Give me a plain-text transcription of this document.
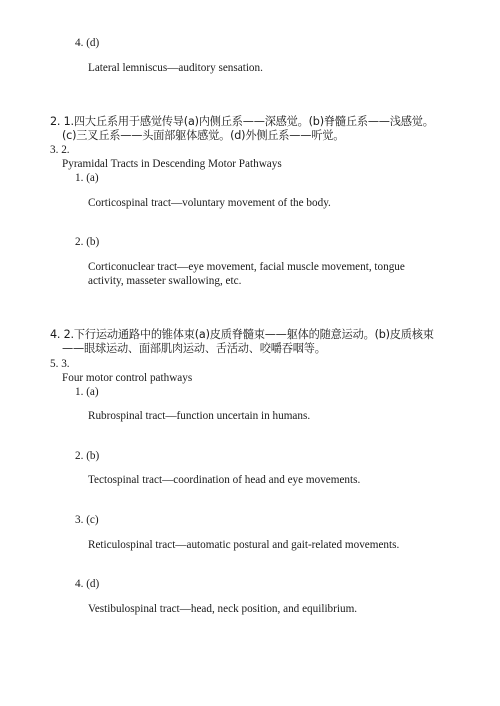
4. (d)
Lateral lemniscus—auditory sensation.
2. 1.四大丘系用于感觉传导(a)内侧丘系——深感觉。(b)脊髓丘系——浅感觉。
(c)三叉丘系——头面部躯体感觉。(d)外侧丘系——听觉。
3. 2.
Pyramidal Tracts in Descending Motor Pathways
1. (a)
Corticospinal tract—voluntary movement of the body.
2. (b)
Corticonuclear tract—eye movement, facial muscle movement, tongue
activity, masseter swallowing, etc.
4. 2.下行运动通路中的锥体束(a)皮质脊髓束——躯体的随意运动。(b)皮质核束
——眼球运动、面部肌肉运动、舌活动、咬嚼吞咽等。
5. 3.
Four motor control pathways
1. (a)
Rubrospinal tract—function uncertain in humans.
2. (b)
Tectospinal tract—coordination of head and eye movements.
3. (c)
Reticulospinal tract—automatic postural and gait-related movements.
4. (d)
Vestibulospinal tract—head, neck position, and equilibrium.
